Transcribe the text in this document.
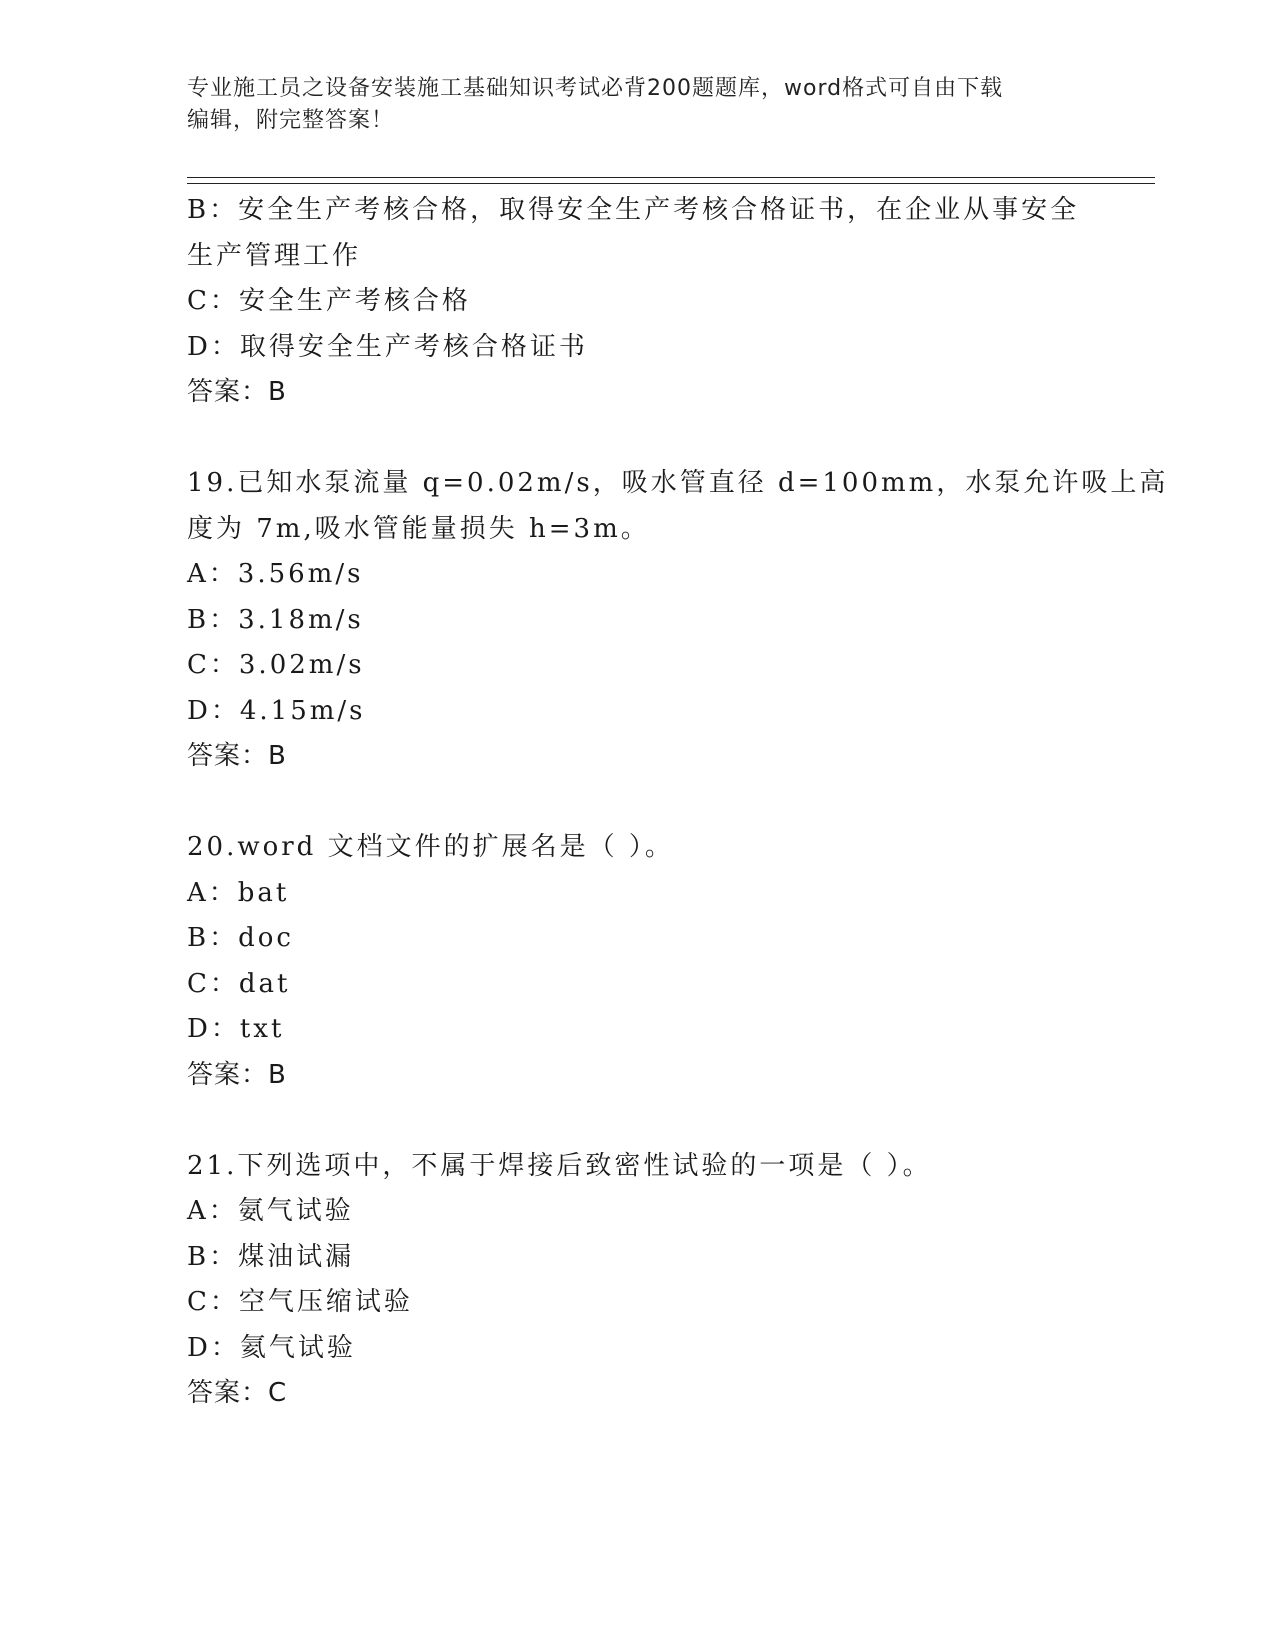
专业施工员之设备安装施工基础知识考试必背200题题库，word格式可自由下载
编辑，附完整答案！
B：安全生产考核合格，取得安全生产考核合格证书，在企业从事安全
生产管理工作
C：安全生产考核合格
D：取得安全生产考核合格证书
答案：B
19.已知水泵流量 q=0.02m/s，吸水管直径 d=100mm，水泵允许吸上高
度为 7m,吸水管能量损失 h=3m。
A：3.56m/s
B：3.18m/s
C：3.02m/s
D：4.15m/s
答案：B
20.word 文档文件的扩展名是（ ）。
A：bat
B：doc
C：dat
D：txt
答案：B
21.下列选项中，不属于焊接后致密性试验的一项是（ ）。
A：氨气试验
B：煤油试漏
C：空气压缩试验
D：氦气试验
答案：C
